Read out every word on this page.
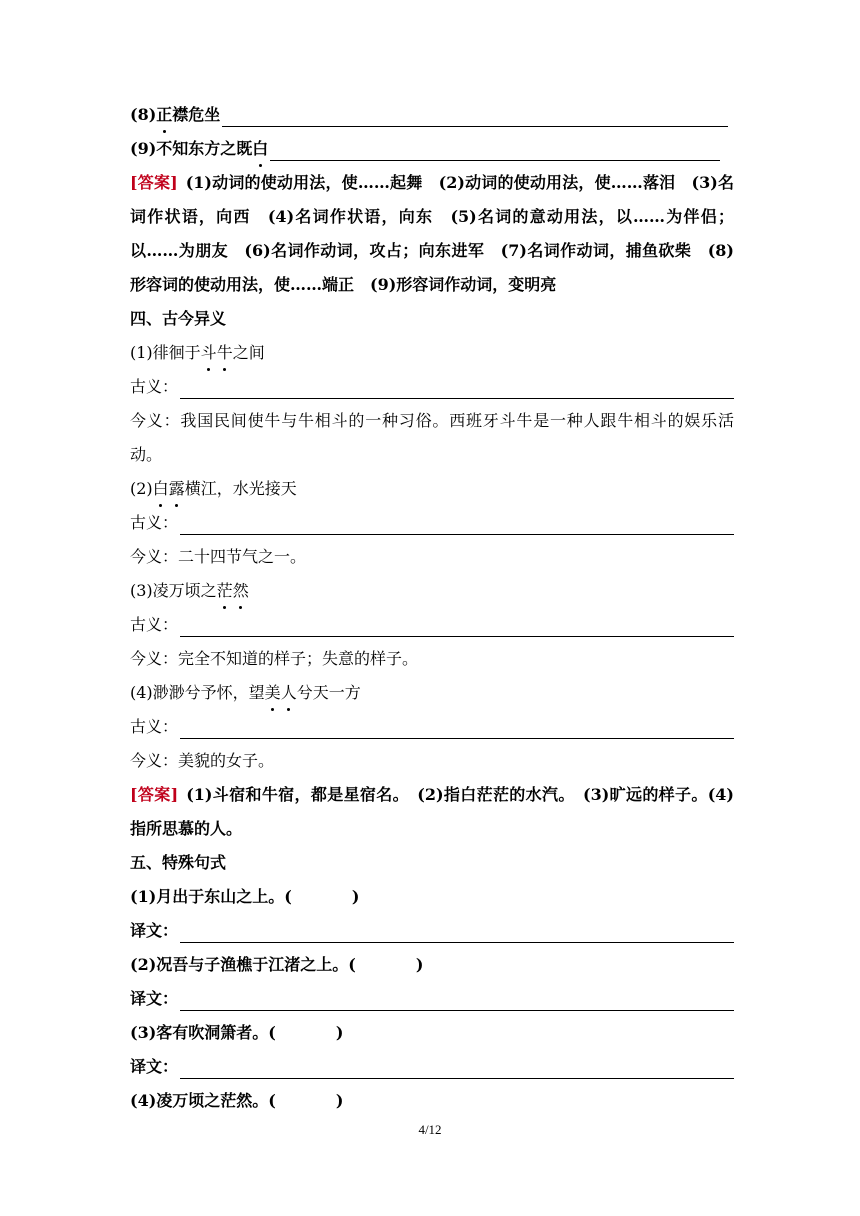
(8) 正 襟危坐
(9)不知东方之既 白
[答案] (1)动词的使动用法，使……起舞　(2)动词的使动用法，使……落泪　(3)名词作状语，向西　(4)名词作状语，向东　(5)名词的意动用法，以……为伴侣；以……为朋友　(6)名词作动词，攻占；向东进军　(7)名词作动词，捕鱼砍柴　(8)形容词的使动用法，使……端正　(9)形容词作动词，变明亮
四、古今异义
(1)徘徊于 斗 牛 之间
古义：
今义：我国民间使牛与牛相斗的一种习俗。西班牙斗牛是一种人跟牛相斗的娱乐活动。
(2) 白 露 横江，水光接天
古义：
今义：二十四节气之一。
(3)凌万顷之 茫 然
古义：
今义：完全不知道的样子；失意的样子。
(4)渺渺兮予怀，望 美 人 兮天一方
古义：
今义：美貌的女子。
[答案] (1)斗宿和牛宿，都是星宿名。　(2)指白茫茫的水汽。　(3)旷远的样子。(4)指所思慕的人。
五、特殊句式
(1)月出于东山之上。(	)
译文：
(2)况吾与子渔樵于江渚之上。(	)
译文：
(3)客有吹洞箫者。(	)
译文：
(4)凌万顷之茫然。(	)
4/12
